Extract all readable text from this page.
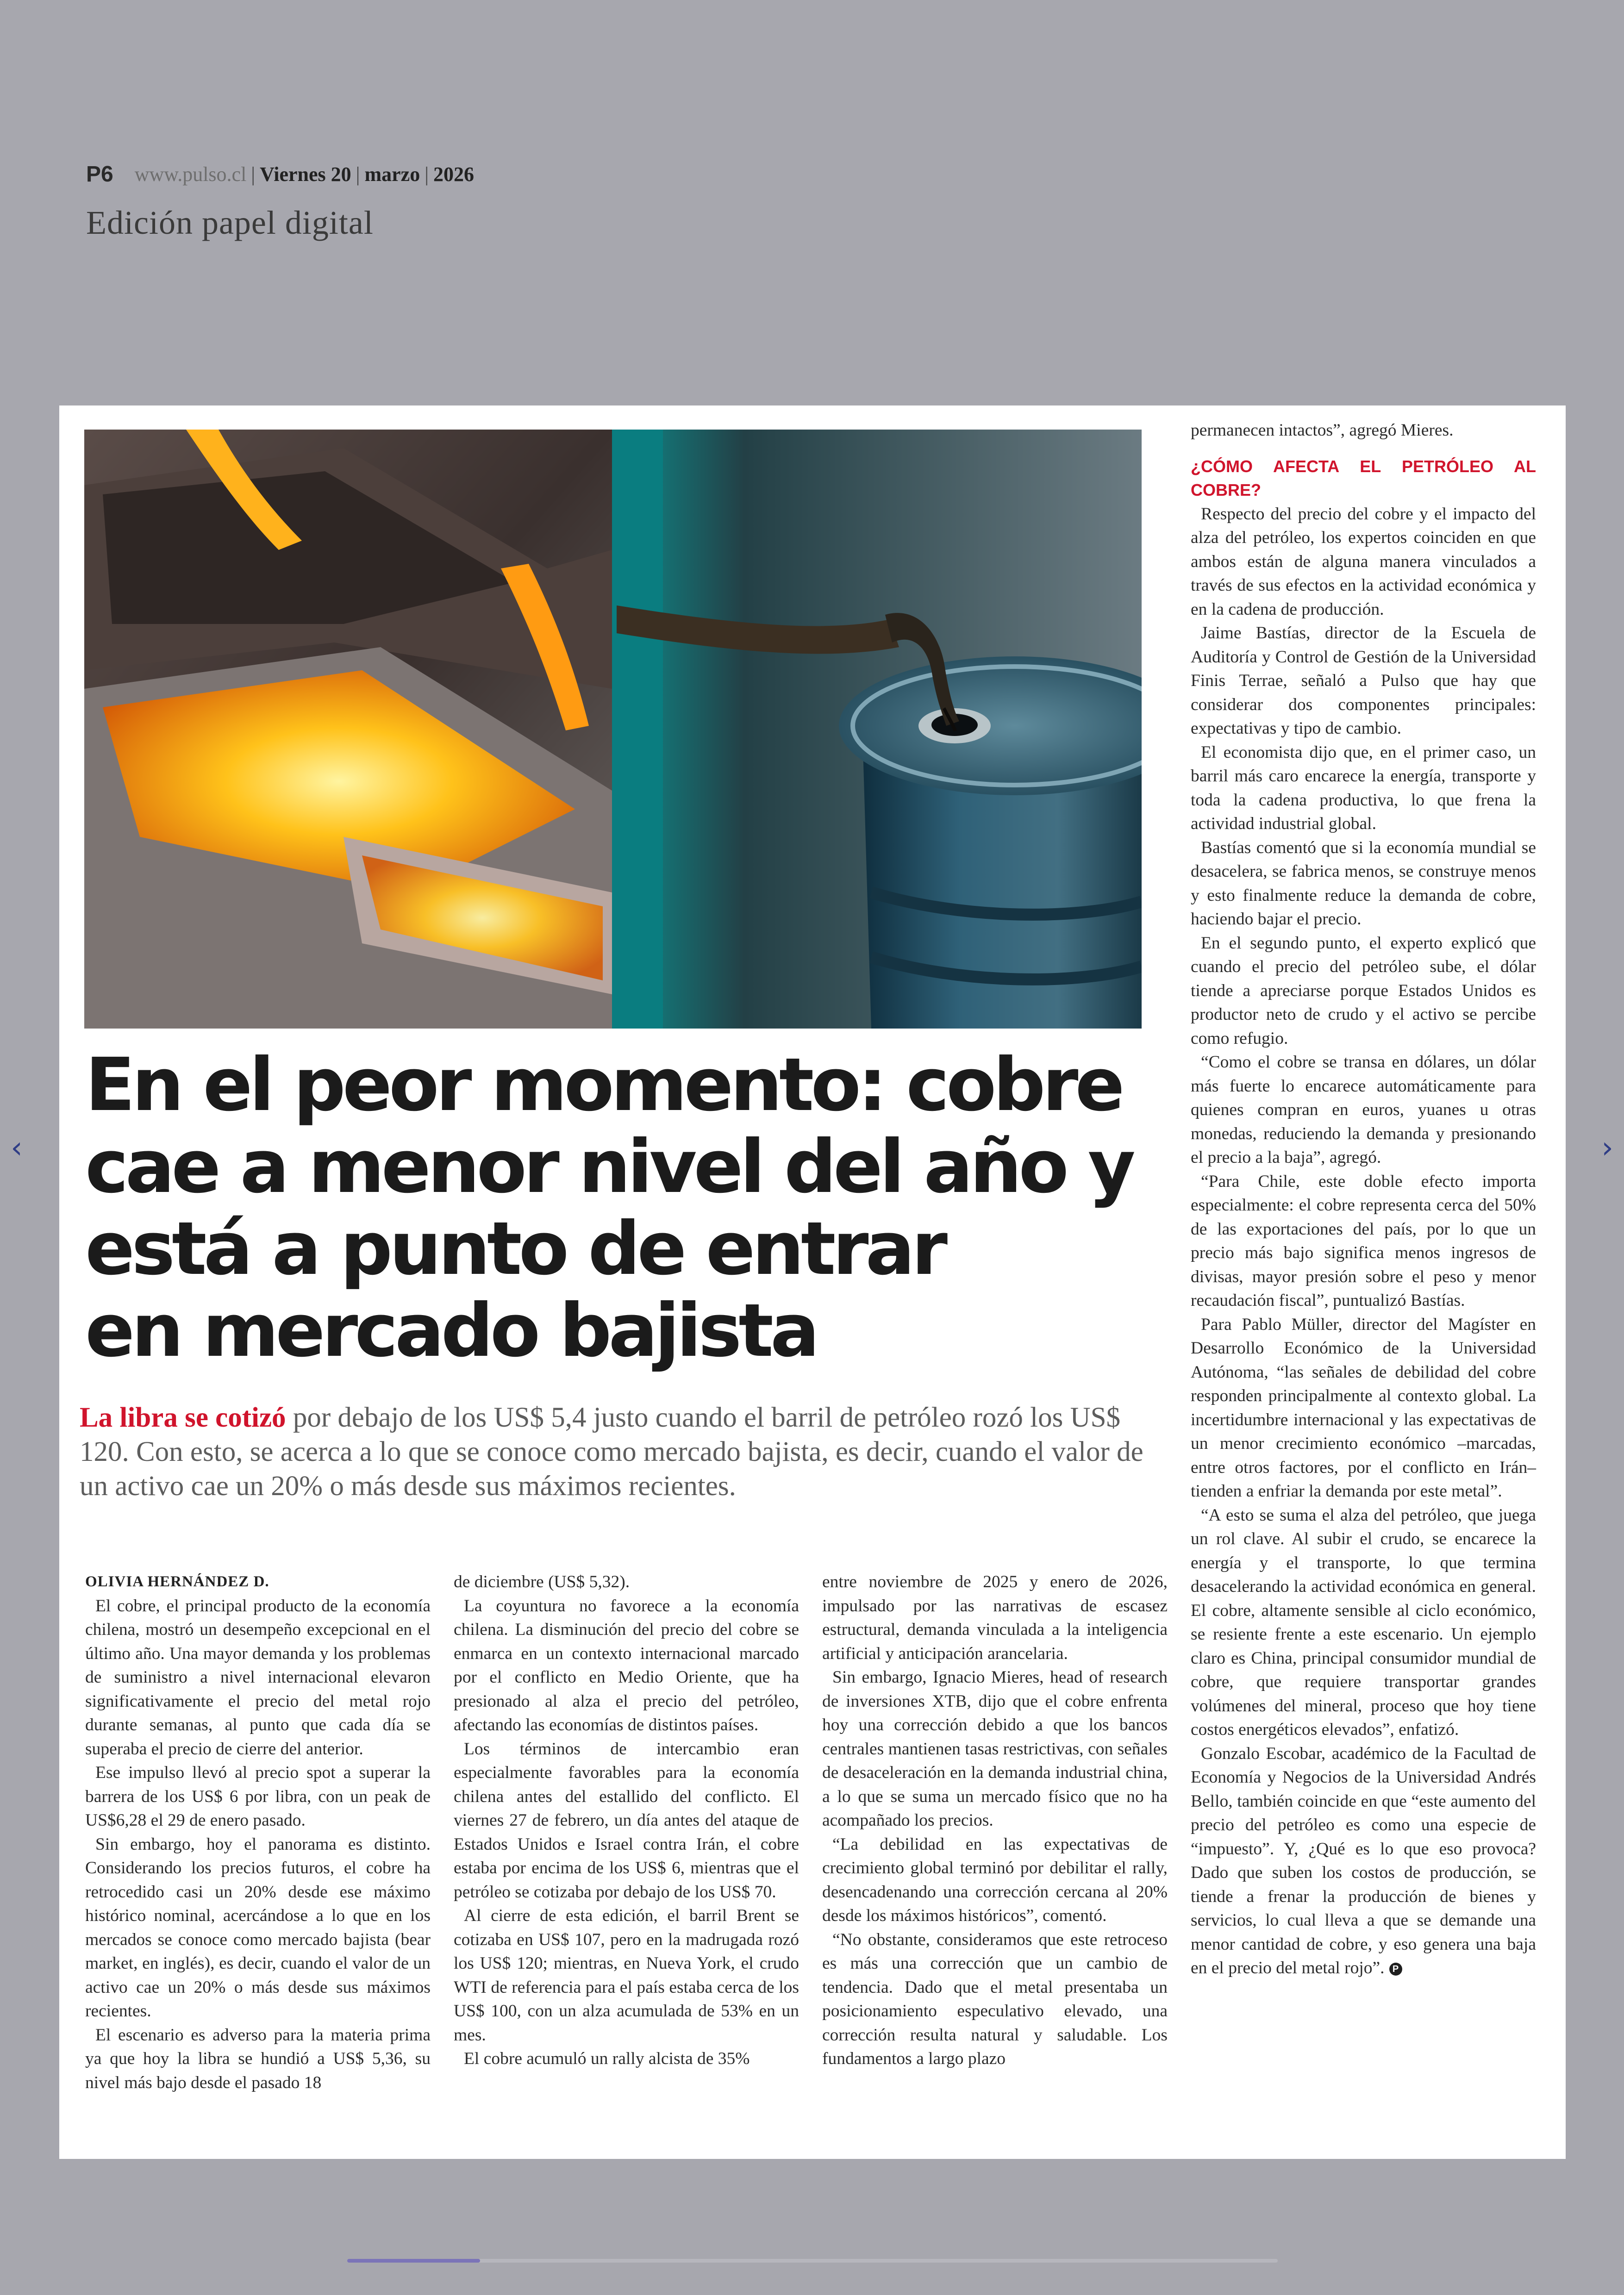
P6 www.pulso.cl | Viernes 20 | marzo | 2026
Edición papel digital
‹	›
En el peor momento: cobre
cae a menor nivel del año y
está a punto de entrar
en mercado bajista

La libra se cotizó por debajo de los US$ 5,4 justo cuando el barril de petróleo rozó los US$ 120. Con esto, se acerca a lo que se conoce como mercado bajista, es decir, cuando el valor de un activo cae un 20% o más desde sus máximos recientes.

OLIVIA HERNÁNDEZ D.

El cobre, el principal producto de la economía chilena, mostró un desempeño excepcional en el último año. Una mayor demanda y los problemas de suministro a nivel internacional elevaron significativamente el precio del metal rojo durante semanas, al punto que cada día se superaba el precio de cierre del anterior.

Ese impulso llevó al precio spot a superar la barrera de los US$ 6 por libra, con un peak de US$6,28 el 29 de enero pasado.

Sin embargo, hoy el panorama es distinto. Considerando los precios futuros, el cobre ha retrocedido casi un 20% desde ese máximo histórico nominal, acercándose a lo que en los mercados se conoce como mercado bajista (bear market, en inglés), es decir, cuando el valor de un activo cae un 20% o más desde sus máximos recientes.

El escenario es adverso para la materia prima ya que hoy la libra se hundió a US$ 5,36, su nivel más bajo desde el pasado 18

de diciembre (US$ 5,32).

La coyuntura no favorece a la economía chilena. La disminución del precio del cobre se enmarca en un contexto internacional marcado por el conflicto en Medio Oriente, que ha presionado al alza el precio del petróleo, afectando las economías de distintos países.

Los términos de intercambio eran especialmente favorables para la economía chilena antes del estallido del conflicto. El viernes 27 de febrero, un día antes del ataque de Estados Unidos e Israel contra Irán, el cobre estaba por encima de los US$ 6, mientras que el petróleo se cotizaba por debajo de los US$ 70.

Al cierre de esta edición, el barril Brent se cotizaba en US$ 107, pero en la madrugada rozó los US$ 120; mientras, en Nueva York, el crudo WTI de referencia para el país estaba cerca de los US$ 100, con un alza acumulada de 53% en un mes.

El cobre acumuló un rally alcista de 35%

entre noviembre de 2025 y enero de 2026, impulsado por las narrativas de escasez estructural, demanda vinculada a la inteligencia artificial y anticipación arancelaria.

Sin embargo, Ignacio Mieres, head of research de inversiones XTB, dijo que el cobre enfrenta hoy una corrección debido a que los bancos centrales mantienen tasas restrictivas, con señales de desaceleración en la demanda industrial china, a lo que se suma un mercado físico que no ha acompañado los precios.

“La debilidad en las expectativas de crecimiento global terminó por debilitar el rally, desencadenando una corrección cercana al 20% desde los máximos históricos”, comentó.

“No obstante, consideramos que este retroceso es más una corrección que un cambio de tendencia. Dado que el metal presentaba un posicionamiento especulativo elevado, una corrección resulta natural y saludable. Los fundamentos a largo plazo

permanecen intactos”, agregó Mieres.

¿CÓMO AFECTA EL PETRÓLEO AL COBRE?

Respecto del precio del cobre y el impacto del alza del petróleo, los expertos coinciden en que ambos están de alguna manera vinculados a través de sus efectos en la actividad económica y en la cadena de producción.

Jaime Bastías, director de la Escuela de Auditoría y Control de Gestión de la Universidad Finis Terrae, señaló a Pulso que hay que considerar dos componentes principales: expectativas y tipo de cambio.

El economista dijo que, en el primer caso, un barril más caro encarece la energía, transporte y toda la cadena productiva, lo que frena la actividad industrial global.

Bastías comentó que si la economía mundial se desacelera, se fabrica menos, se construye menos y esto finalmente reduce la demanda de cobre, haciendo bajar el precio.

En el segundo punto, el experto explicó que cuando el precio del petróleo sube, el dólar tiende a apreciarse porque Estados Unidos es productor neto de crudo y el activo se percibe como refugio.

“Como el cobre se transa en dólares, un dólar más fuerte lo encarece automáticamente para quienes compran en euros, yuanes u otras monedas, reduciendo la demanda y presionando el precio a la baja”, agregó.

“Para Chile, este doble efecto importa especialmente: el cobre representa cerca del 50% de las exportaciones del país, por lo que un precio más bajo significa menos ingresos de divisas, mayor presión sobre el peso y menor recaudación fiscal”, puntualizó Bastías.

Para Pablo Müller, director del Magíster en Desarrollo Económico de la Universidad Autónoma, “las señales de debilidad del cobre responden principalmente al contexto global. La incertidumbre internacional y las expectativas de un menor crecimiento económico –marcadas, entre otros factores, por el conflicto en Irán– tienden a enfriar la demanda por este metal”.

“A esto se suma el alza del petróleo, que juega un rol clave. Al subir el crudo, se encarece la energía y el transporte, lo que termina desacelerando la actividad económica en general. El cobre, altamente sensible al ciclo económico, se resiente frente a este escenario. Un ejemplo claro es China, principal consumidor mundial de cobre, que requiere transportar grandes volúmenes del mineral, proceso que hoy tiene costos energéticos elevados”, enfatizó.

Gonzalo Escobar, académico de la Facultad de Economía y Negocios de la Universidad Andrés Bello, también coincide en que “este aumento del precio del petróleo es como una especie de “impuesto”. Y, ¿Qué es lo que eso provoca? Dado que suben los costos de producción, se tiende a frenar la producción de bienes y servicios, lo cual lleva a que se demande una menor cantidad de cobre, y eso genera una baja en el precio del metal rojo”. P
